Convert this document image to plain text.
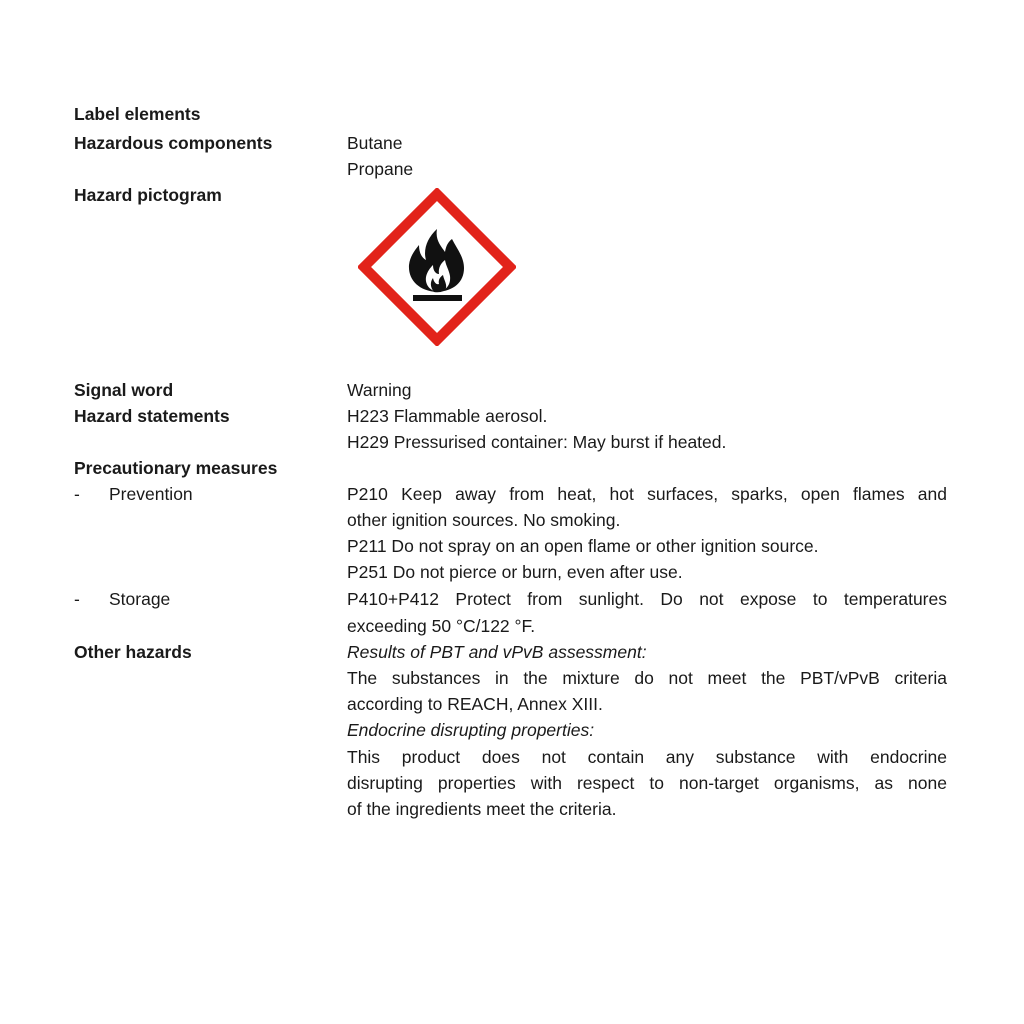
Label elements
Hazardous components	Butane
Propane
Hazard pictogram
Signal word	Warning
Hazard statements	H223 Flammable aerosol.
H229 Pressurised container: May burst if heated.
Precautionary measures
- Prevention	P210 Keep away from heat, hot surfaces, sparks, open flames and
other ignition sources. No smoking.
P211 Do not spray on an open flame or other ignition source.
P251 Do not pierce or burn, even after use.
- Storage	P410+P412 Protect from sunlight. Do not expose to temperatures
exceeding 50 °C/122 °F.
Other hazards	Results of PBT and vPvB assessment:
The substances in the mixture do not meet the PBT/vPvB criteria
according to REACH, Annex XIII.
Endocrine disrupting properties:
This product does not contain any substance with endocrine
disrupting properties with respect to non-target organisms, as none
of the ingredients meet the criteria.
